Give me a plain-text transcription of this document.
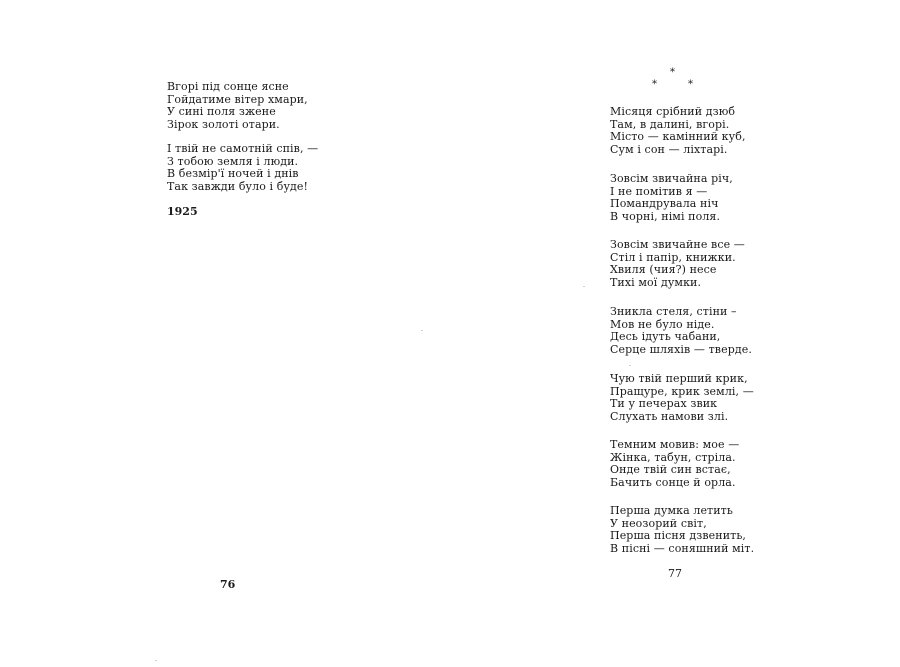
Вгорі під сонце ясне
Гойдатиме вітер хмари,
У сині поля зжене
Зірок золоті отари.
І твій не самотній спів, —
З тобою земля і люди.
В безмір'ї ночей і днів
Так завжди було і буде!
1925
76
Місяця срібний дзюб
Там, в далині, вгорі.
Місто — камінний куб,
Сум і сон — ліхтарі.
Зовсім звичайна річ,
І не помітив я —
Помандрувала ніч
В чорні, німі поля.
Зовсім звичайне все —
Стіл і папір, книжки.
Хвиля (чия?) несе
Тихі мої думки.
Зникла стеля, стіни –
Мов не було ніде.
Десь ідуть чабани,
Серце шляхів — тверде.
Чую твій перший крик,
Пращуре, крик землі, —
Ти у печерах звик
Слухать намови злі.
Темним мовив: мое —
Жінка, табун, стріла.
Онде твій син встає,
Бачить сонце й орла.
Перша думка летить
У неозорий світ,
Перша пісня дзвенить,
В пісні — соняшний міт.
77
*
*	*
